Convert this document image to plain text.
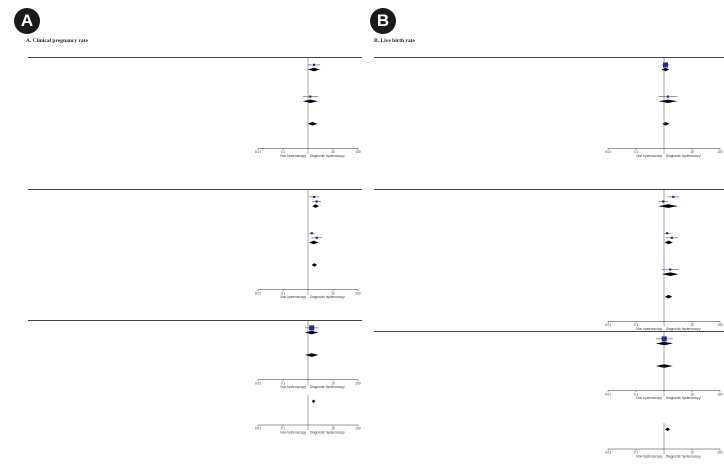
A
A. Clinical pregnancy rate
0.01	0.1	1	10	100
Non-hysteroscopy Diagnostic hysteroscopy
0.01	0.1	1	10	100
Non-hysteroscopy Diagnostic hysteroscopy
0.01	0.1	1	10	100
Non-hysteroscopy Diagnostic hysteroscopy
0.01	0.1	1	10	100
Non-hysteroscopy Diagnostic hysteroscopy
B
B. Live birth rate
0.01	0.1	1	10	100
Non-hysteroscopy Diagnostic hysteroscopy
0.01	0.1	1	10	100
Non-hysteroscopy Diagnostic hysteroscopy
0.01	0.1	1	10	100
Non-hysteroscopy Diagnostic hysteroscopy
0.01	0.1	1	10	100
Non-hysteroscopy Diagnostic hysteroscopy
